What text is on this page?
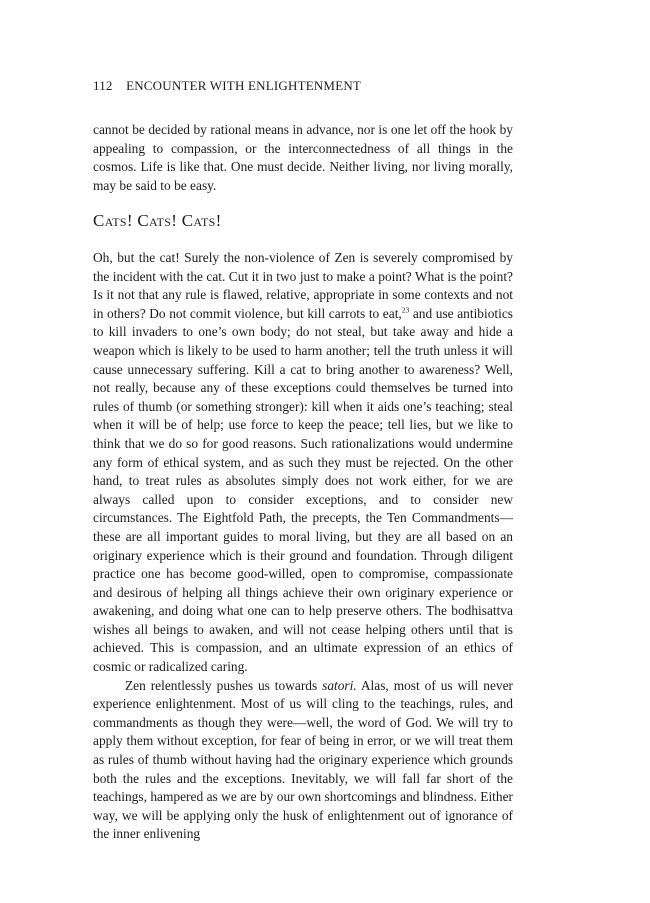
112 ENCOUNTER WITH ENLIGHTENMENT

cannot be decided by rational means in advance, nor is one let off the hook by appealing to compassion, or the interconnectedness of all things in the cosmos. Life is like that. One must decide. Neither living, nor living morally, may be said to be easy.

Cats! Cats! Cats!

Oh, but the cat! Surely the non-violence of Zen is severely compromised by the incident with the cat. Cut it in two just to make a point? What is the point? Is it not that any rule is flawed, relative, appropriate in some contexts and not in others? Do not commit violence, but kill carrots to eat,$^{23}$ and use antibiotics to kill invaders to one’s own body; do not steal, but take away and hide a weapon which is likely to be used to harm another; tell the truth unless it will cause unnecessary suffering. Kill a cat to bring another to awareness? Well, not really, because any of these exceptions could themselves be turned into rules of thumb (or something stronger): kill when it aids one’s teaching; steal when it will be of help; use force to keep the peace; tell lies, but we like to think that we do so for good reasons. Such rationalizations would undermine any form of ethical system, and as such they must be rejected. On the other hand, to treat rules as absolutes simply does not work either, for we are always called upon to consider exceptions, and to consider new circumstances. The Eightfold Path, the precepts, the Ten Commandments—these are all important guides to moral living, but they are all based on an originary experience which is their ground and foundation. Through diligent practice one has become good-willed, open to compromise, compassionate and desirous of helping all things achieve their own originary experience or awakening, and doing what one can to help preserve others. The bodhisattva wishes all beings to awaken, and will not cease helping others until that is achieved. This is compassion, and an ultimate expression of an ethics of cosmic or radicalized caring.

Zen relentlessly pushes us towards satori. Alas, most of us will never experience enlightenment. Most of us will cling to the teachings, rules, and commandments as though they were—well, the word of God. We will try to apply them without exception, for fear of being in error, or we will treat them as rules of thumb without having had the originary experience which grounds both the rules and the exceptions. Inevitably, we will fall far short of the teachings, hampered as we are by our own shortcomings and blindness. Either way, we will be applying only the husk of enlightenment out of ignorance of the inner enlivening
